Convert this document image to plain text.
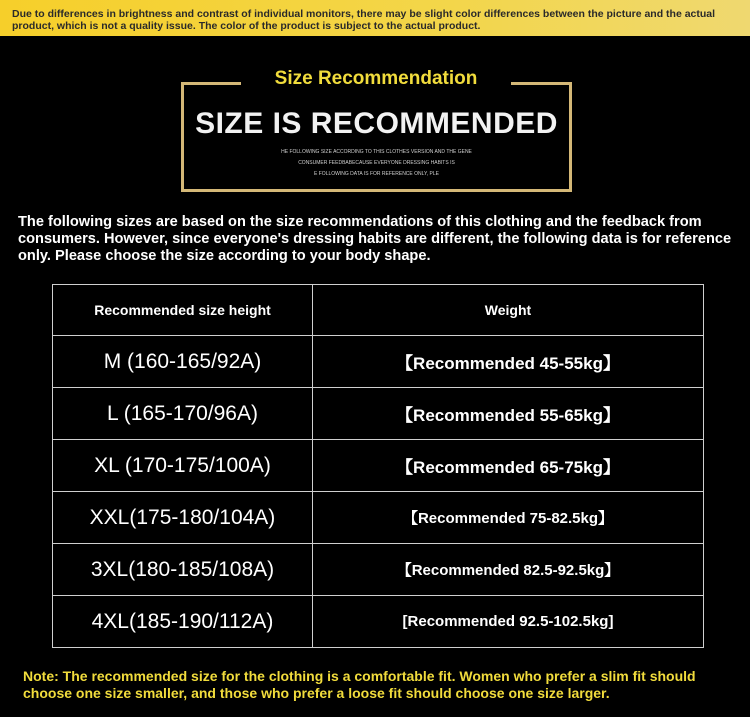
Due to differences in brightness and contrast of individual monitors, there may be slight color differences between the picture and the actual
product, which is not a quality issue. The color of the product is subject to the actual product.
Size Recommendation
SIZE IS RECOMMENDED
HE FOLLOWING SIZE ACCORDING TO THIS CLOTHES VERSION AND THE GENE
CONSUMER FEEDBABECAUSE EVERYONE DRESSING HABITS IS
E FOLLOWING DATA IS FOR REFERENCE ONLY, PLE
The following sizes are based on the size recommendations of this clothing and the feedback from consumers. However, since everyone's dressing habits are different, the following data is for reference only. Please choose the size according to your body shape.
Recommended size height	Weight
M (160-165/92A)	【Recommended 45-55kg】
L (165-170/96A)	【Recommended 55-65kg】
XL (170-175/100A)	【Recommended 65-75kg】
XXL(175-180/104A)	【Recommended 75-82.5kg】
3XL(180-185/108A)	【Recommended 82.5-92.5kg】
4XL(185-190/112A)	[Recommended 92.5-102.5kg]
Note: The recommended size for the clothing is a comfortable fit. Women who prefer a slim fit should choose one size smaller, and those who prefer a loose fit should choose one size larger.
